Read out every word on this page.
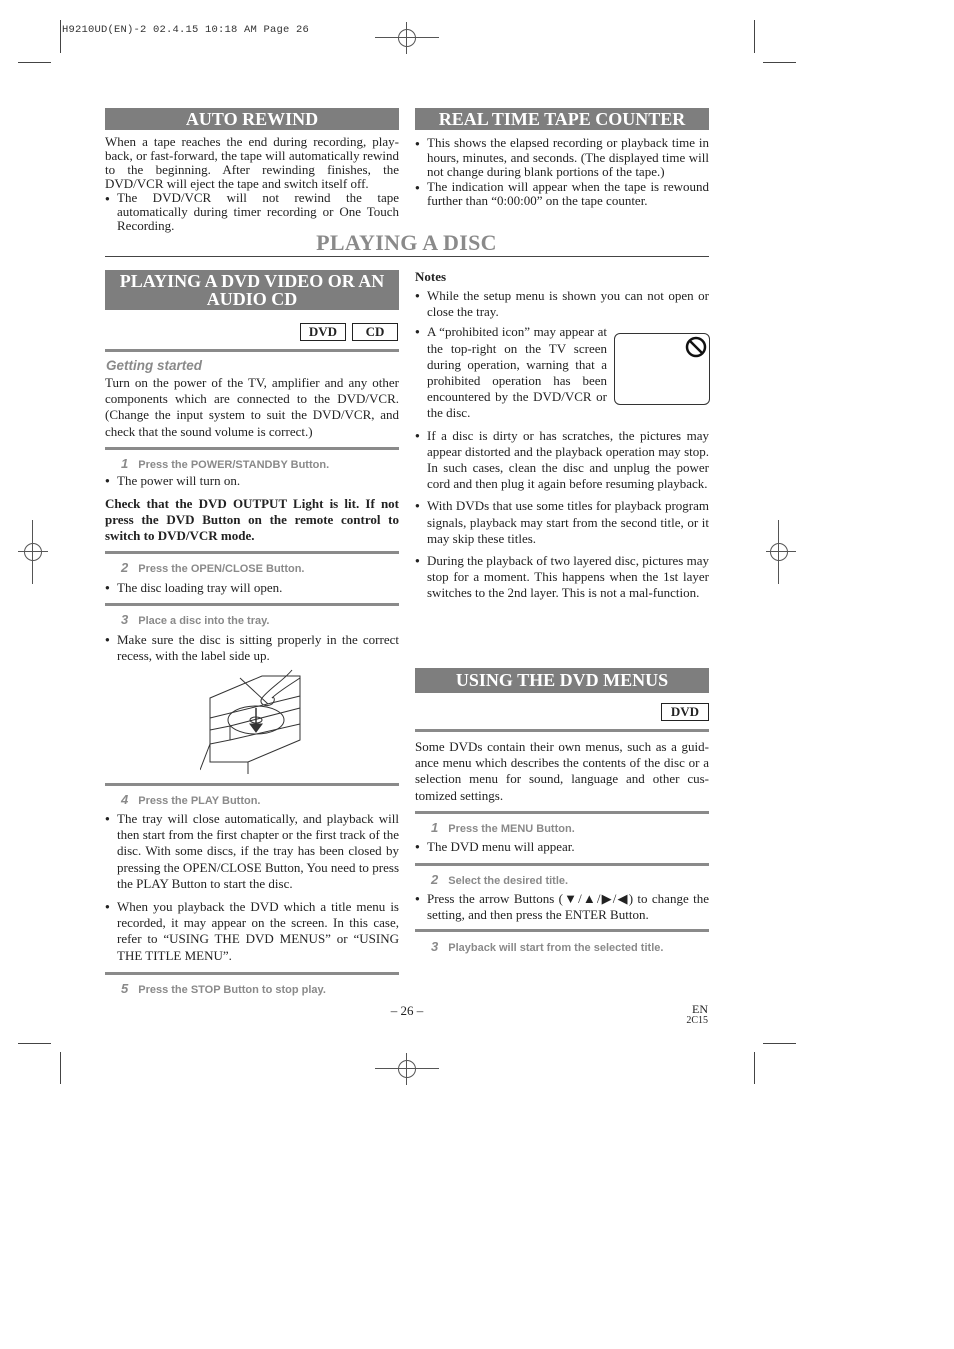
H9210UD(EN)-2 02.4.15 10:18 AM Page 26
AUTO REWIND
When a tape reaches the end during recording, play-back, or fast-forward, the tape will automatically rewind to the beginning. After rewinding finishes, the DVD/VCR will eject the tape and switch itself off.
● The DVD/VCR will not rewind the tape automatically during timer recording or One Touch Recording.
REAL TIME TAPE COUNTER
● This shows the elapsed recording or playback time in hours, minutes, and seconds. (The displayed time will not change during blank portions of the tape.)
● The indication will appear when the tape is rewound further than “0:00:00” on the tape counter.
PLAYING A DISC
PLAYING A DVD VIDEO OR AN
AUDIO CD
DVD	CD
Getting started
Turn on the power of the TV, amplifier and any other components which are connected to the DVD/VCR. (Change the input system to suit the DVD/VCR, and check that the sound volume is correct.)
1 Press the POWER/STANDBY Button.
● The power will turn on.
Check that the DVD OUTPUT Light is lit. If not press the DVD Button on the remote control to switch to DVD/VCR mode.
2 Press the OPEN/CLOSE Button.
● The disc loading tray will open.
3 Place a disc into the tray.
● Make sure the disc is sitting properly in the correct recess, with the label side up.
4 Press the PLAY Button.
● The tray will close automatically, and playback will then start from the first chapter or the first track of the disc. With some discs, if the tray has been closed by pressing the OPEN/CLOSE Button, You need to press the PLAY Button to start the disc.
● When you playback the DVD which a title menu is recorded, it may appear on the screen. In this case, refer to “USING THE DVD MENUS” or “USING THE TITLE MENU”.
5 Press the STOP Button to stop play.
Notes
● While the setup menu is shown you can not open or close the tray.
● A “prohibited icon” may appear at the top-right on the TV screen during operation, warning that a prohibited operation has been encountered by the DVD/VCR or the disc.
● If a disc is dirty or has scratches, the pictures may appear distorted and the playback operation may stop. In such cases, clean the disc and unplug the power cord and then plug it again before resuming playback.
● With DVDs that use some titles for playback program signals, playback may start from the second title, or it may skip these titles.
● During the playback of two layered disc, pictures may stop for a moment. This happens when the 1st layer switches to the 2nd layer. This is not a mal-function.
USING THE DVD MENUS
DVD
Some DVDs contain their own menus, such as a guid-ance menu which describes the contents of the disc or a selection menu for sound, language and other cus-tomized settings.
1 Press the MENU Button.
● The DVD menu will appear.
2 Select the desired title.
● Press the arrow Buttons (▼/▲/▶/◀) to change the setting, and then press the ENTER Button.
3 Playback will start from the selected title.
– 26 –	EN
2C15
